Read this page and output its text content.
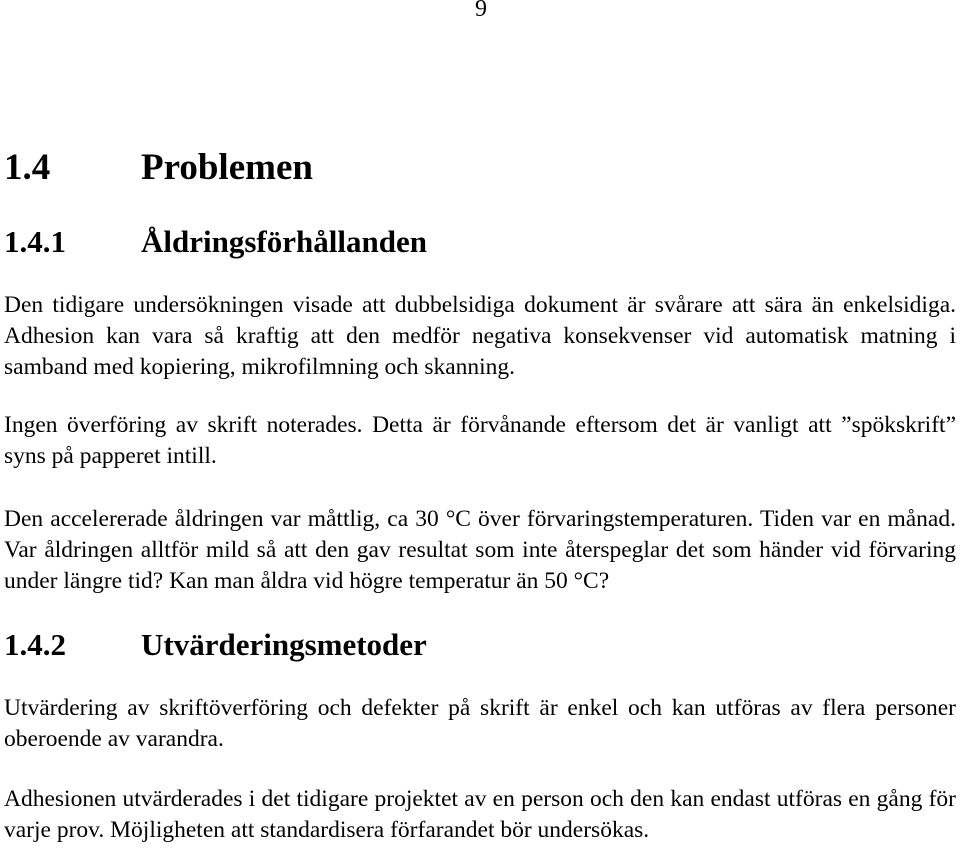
9
1.4 Problemen
1.4.1 Åldringsförhållanden

Den tidigare undersökningen visade att dubbelsidiga dokument är svårare att sära än enkelsidiga. Adhesion kan vara så kraftig att den medför negativa konsekvenser vid automatisk matning i samband med kopiering, mikrofilmning och skanning.

Ingen överföring av skrift noterades. Detta är förvånande eftersom det är vanligt att ”spökskrift” syns på papperet intill.

Den accelererade åldringen var måttlig, ca 30 °C över förvaringstemperaturen. Tiden var en månad. Var åldringen alltför mild så att den gav resultat som inte återspeglar det som händer vid förvaring under längre tid? Kan man åldra vid högre temperatur än 50 °C?

1.4.2 Utvärderingsmetoder

Utvärdering av skriftöverföring och defekter på skrift är enkel och kan utföras av flera personer oberoende av varandra.

Adhesionen utvärderades i det tidigare projektet av en person och den kan endast utföras en gång för varje prov. Möjligheten att standardisera förfarandet bör undersökas.
